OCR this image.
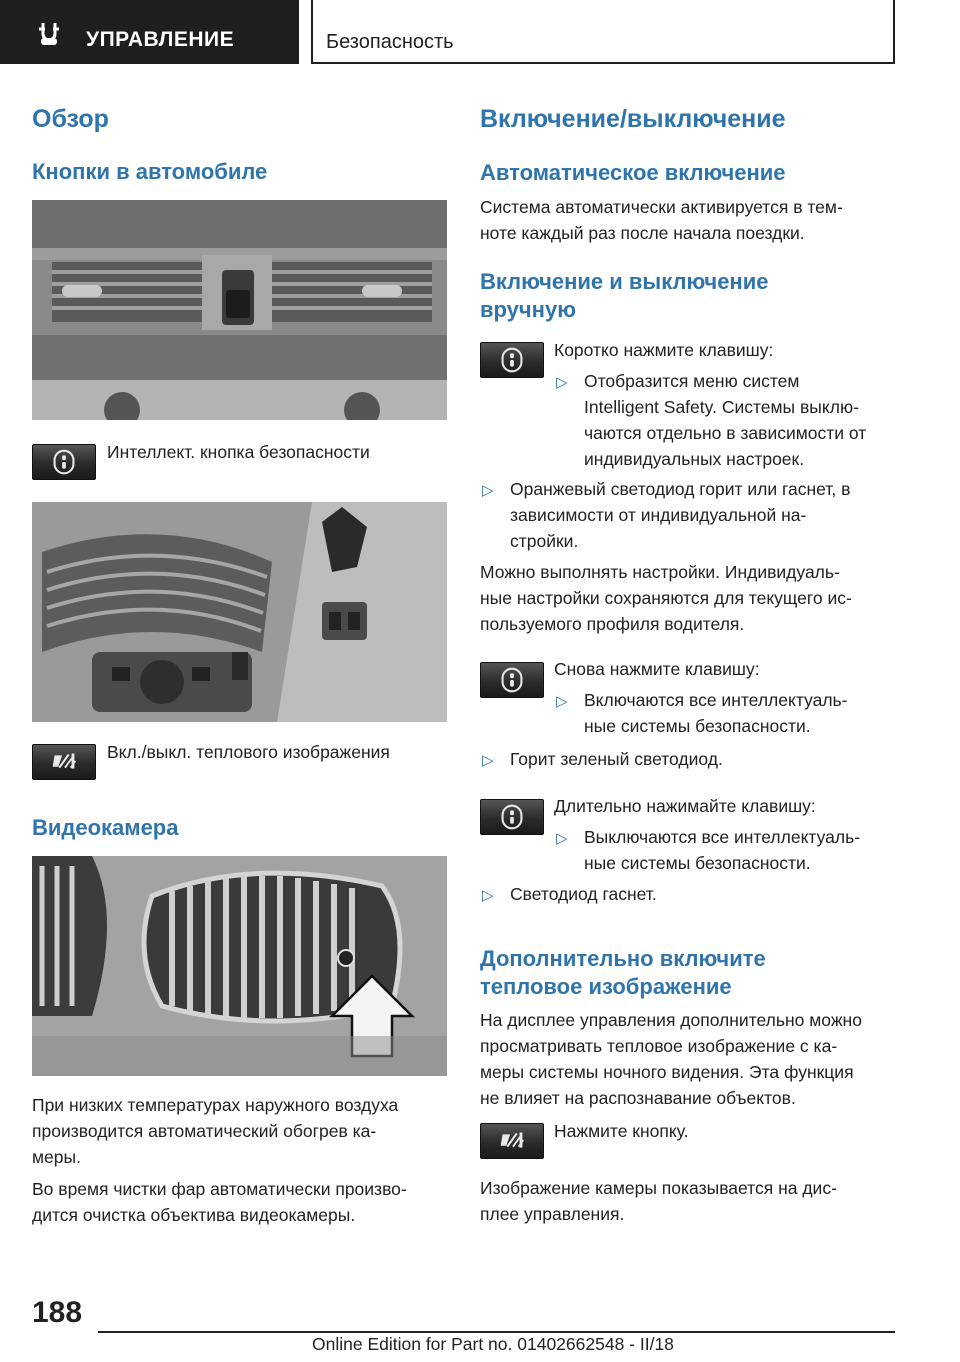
УПРАВЛЕНИЕ	Безопасность
Обзор
Кнопки в автомобиле
Интеллект. кнопка безопасности
Вкл./выкл. теплового изображения
Видеокамера
При низких температурах наружного воздуха
производится автоматический обогрев ка-
меры.
Во время чистки фар автоматически произво-
дится очистка объектива видеокамеры.
Включение/выключение
Автоматическое включение
Система автоматически активируется в тем-
ноте каждый раз после начала поездки.
Включение и выключение
вручную
Коротко нажмите клавишу:
▷ Отобразится меню систем
Intelligent Safety. Системы выклю-
чаются отдельно в зависимости от
индивидуальных настроек.
▷ Оранжевый светодиод горит или гаснет, в
зависимости от индивидуальной на-
стройки.
Можно выполнять настройки. Индивидуаль-
ные настройки сохраняются для текущего ис-
пользуемого профиля водителя.
Снова нажмите клавишу:
▷ Включаются все интеллектуаль-
ные системы безопасности.
▷ Горит зеленый светодиод.
Длительно нажимайте клавишу:
▷ Выключаются все интеллектуаль-
ные системы безопасности.
▷ Светодиод гаснет.
Дополнительно включите
тепловое изображение
На дисплее управления дополнительно можно
просматривать тепловое изображение с ка-
меры системы ночного видения. Эта функция
не влияет на распознавание объектов.
Нажмите кнопку.
Изображение камеры показывается на дис-
плее управления.
188
Online Edition for Part no. 01402662548 - II/18
